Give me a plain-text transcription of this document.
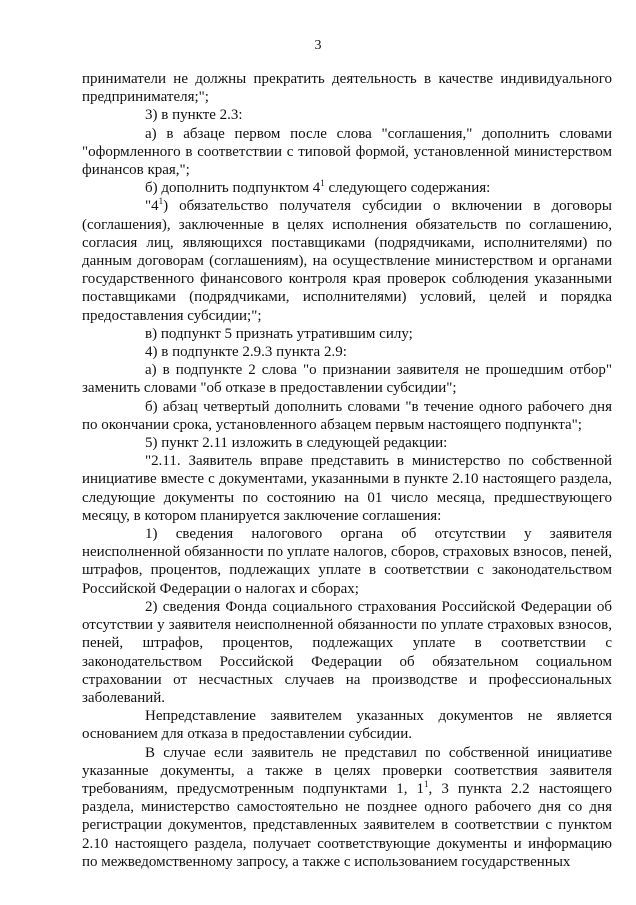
3

приниматели не должны прекратить деятельность в качестве индивидуального предпринимателя;";

3) в пункте 2.3:

а) в абзаце первом после слова "соглашения," дополнить словами "оформленного в соответствии с типовой формой, установленной министерством финансов края,";

б) дополнить подпунктом $4^1$ следующего содержания:

"$4^1$) обязательство получателя субсидии о включении в договоры (соглашения), заключенные в целях исполнения обязательств по соглашению, согласия лиц, являющихся поставщиками (подрядчиками, исполнителями) по данным договорам (соглашениям), на осуществление министерством и органами государственного финансового контроля края проверок соблюдения указанными поставщиками (подрядчиками, исполнителями) условий, целей и порядка предоставления субсидии;";

в) подпункт 5 признать утратившим силу;

4) в подпункте 2.9.3 пункта 2.9:

а) в подпункте 2 слова "о признании заявителя не прошедшим отбор" заменить словами "об отказе в предоставлении субсидии";

б) абзац четвертый дополнить словами "в течение одного рабочего дня по окончании срока, установленного абзацем первым настоящего подпункта";

5) пункт 2.11 изложить в следующей редакции:

"2.11. Заявитель вправе представить в министерство по собственной инициативе вместе с документами, указанными в пункте 2.10 настоящего раздела, следующие документы по состоянию на 01 число месяца, предшествующего месяцу, в котором планируется заключение соглашения:

1) сведения налогового органа об отсутствии у заявителя неисполненной обязанности по уплате налогов, сборов, страховых взносов, пеней, штрафов, процентов, подлежащих уплате в соответствии с законодательством Российской Федерации о налогах и сборах;

2) сведения Фонда социального страхования Российской Федерации об отсутствии у заявителя неисполненной обязанности по уплате страховых взносов, пеней, штрафов, процентов, подлежащих уплате в соответствии с законодательством Российской Федерации об обязательном социальном страховании от несчастных случаев на производстве и профессиональных заболеваний.

Непредставление заявителем указанных документов не является основанием для отказа в предоставлении субсидии.

В случае если заявитель не представил по собственной инициативе указанные документы, а также в целях проверки соответствия заявителя требованиям, предусмотренным подпунктами 1, $1^1$, 3 пункта 2.2 настоящего раздела, министерство самостоятельно не позднее одного рабочего дня со дня регистрации документов, представленных заявителем в соответствии с пунктом 2.10 настоящего раздела, получает соответствующие документы и информацию по межведомственному запросу, а также с использованием государственных
